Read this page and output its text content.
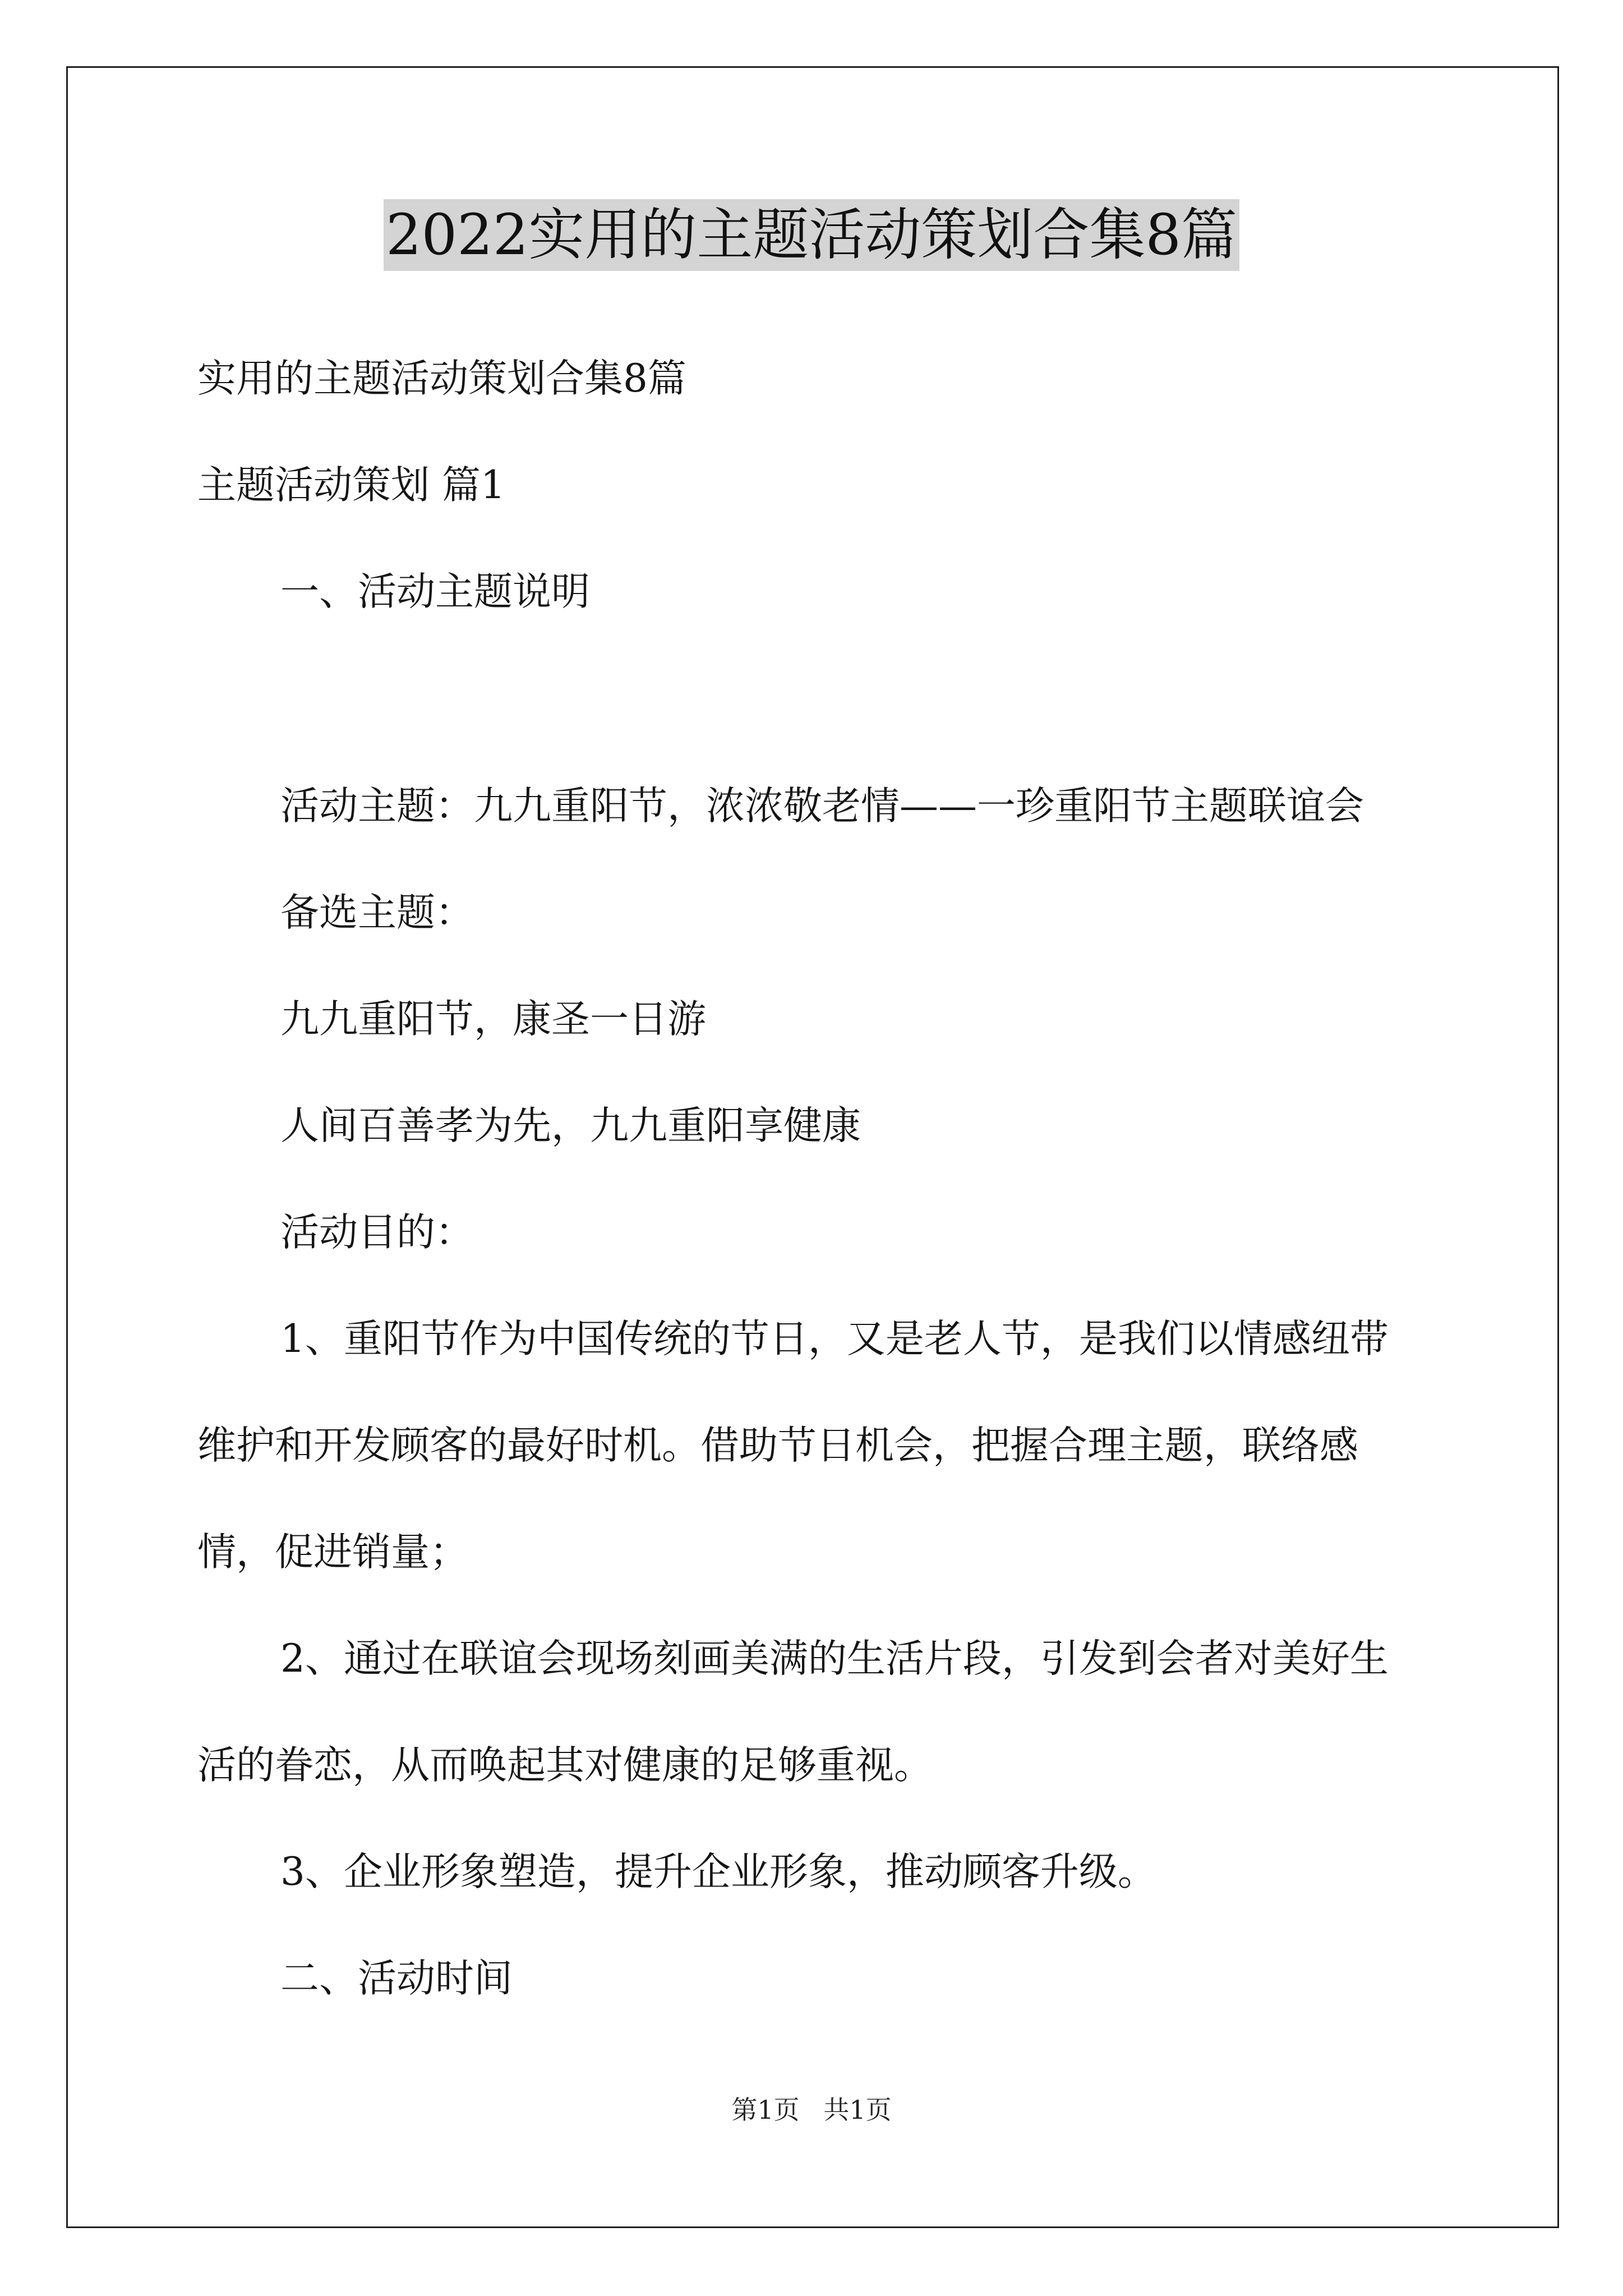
2022实用的主题活动策划合集8篇
实用的主题活动策划合集8篇
主题活动策划 篇1
一、活动主题说明
活动主题：九九重阳节，浓浓敬老情——一珍重阳节主题联谊会
备选主题：
九九重阳节，康圣一日游
人间百善孝为先，九九重阳享健康
活动目的：
1、重阳节作为中国传统的节日，又是老人节，是我们以情感纽带
维护和开发顾客的最好时机。借助节日机会，把握合理主题，联络感
情，促进销量；
2、通过在联谊会现场刻画美满的生活片段，引发到会者对美好生
活的眷恋，从而唤起其对健康的足够重视。
3、企业形象塑造，提升企业形象，推动顾客升级。
二、活动时间
第1页 共1页
